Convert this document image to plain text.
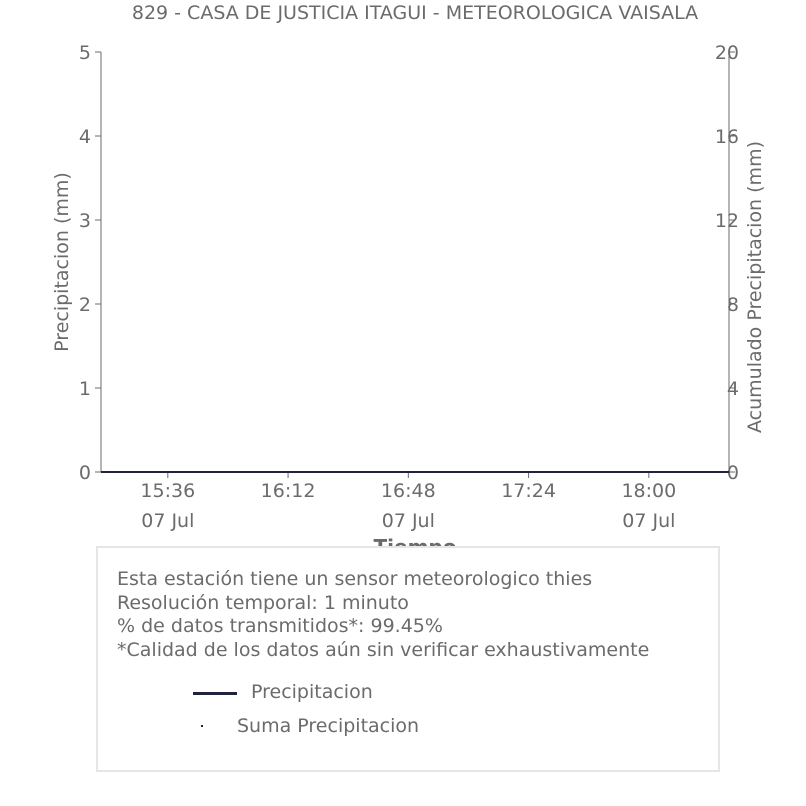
829 - CASA DE JUSTICIA ITAGUI - METEOROLOGICA VAISALA
0
1
2
3
4
5
0
4
8
12
16
20
15:36
07 Jul
16:12	16:48
07 Jul
17:24	18:00
07 Jul
Precipitacion (mm)	Acumulado Precipitacion (mm)
Esta estación tiene un sensor meteorologico thies
Resolución temporal: 1 minuto
% de datos transmitidos*: 99.45%
*Calidad de los datos aún sin verificar exhaustivamente
Precipitacion
Suma Precipitacion
